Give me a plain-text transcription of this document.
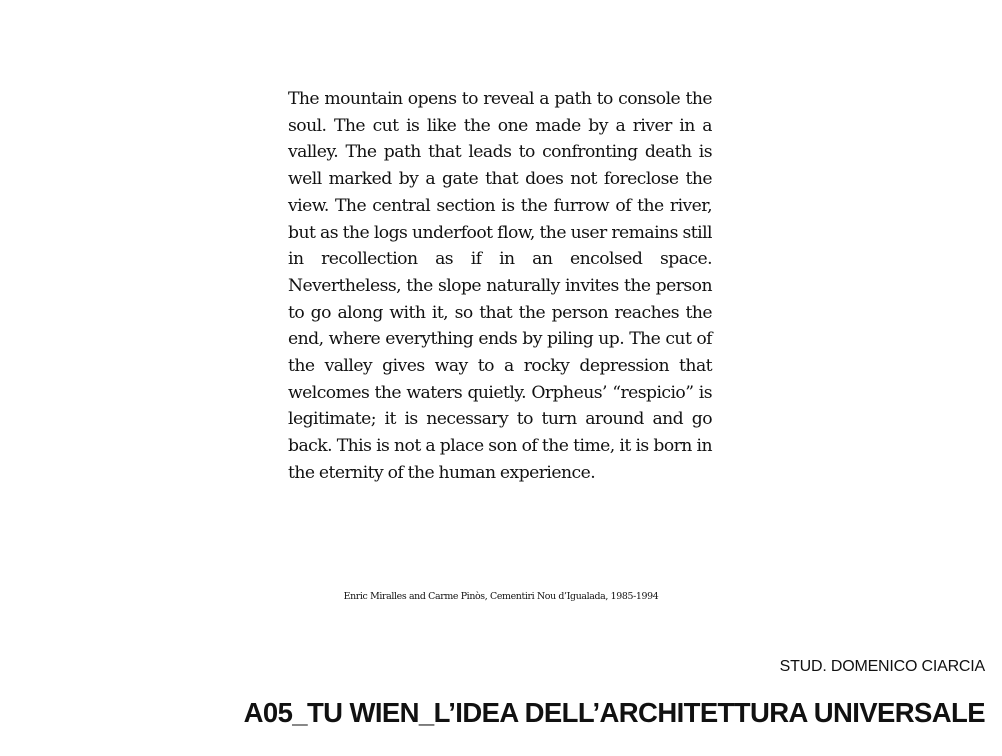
The mountain opens to reveal a path to console the soul. The cut is like the one made by a river in a valley. The path that leads to confronting death is well marked by a gate that does not foreclose the view. The central section is the furrow of the river, but as the logs underfoot flow, the user remains still in recollection as if in an encolsed space. Nevertheless, the slope naturally invites the person to go along with it, so that the person reaches the end, where everything ends by piling up. The cut of the valley gives way to a rocky depression that welcomes the waters quietly. Orpheus’ “respicio” is legitimate; it is necessary to turn around and go back. This is not a place son of the time, it is born in the eternity of the human experience.

Enric Miralles and Carme Pinòs, Cementiri Nou d’Igualada, 1985-1994

STUD. DOMENICO CIARCIA

A05_TU WIEN_L’IDEA DELL’ARCHITETTURA UNIVERSALE
